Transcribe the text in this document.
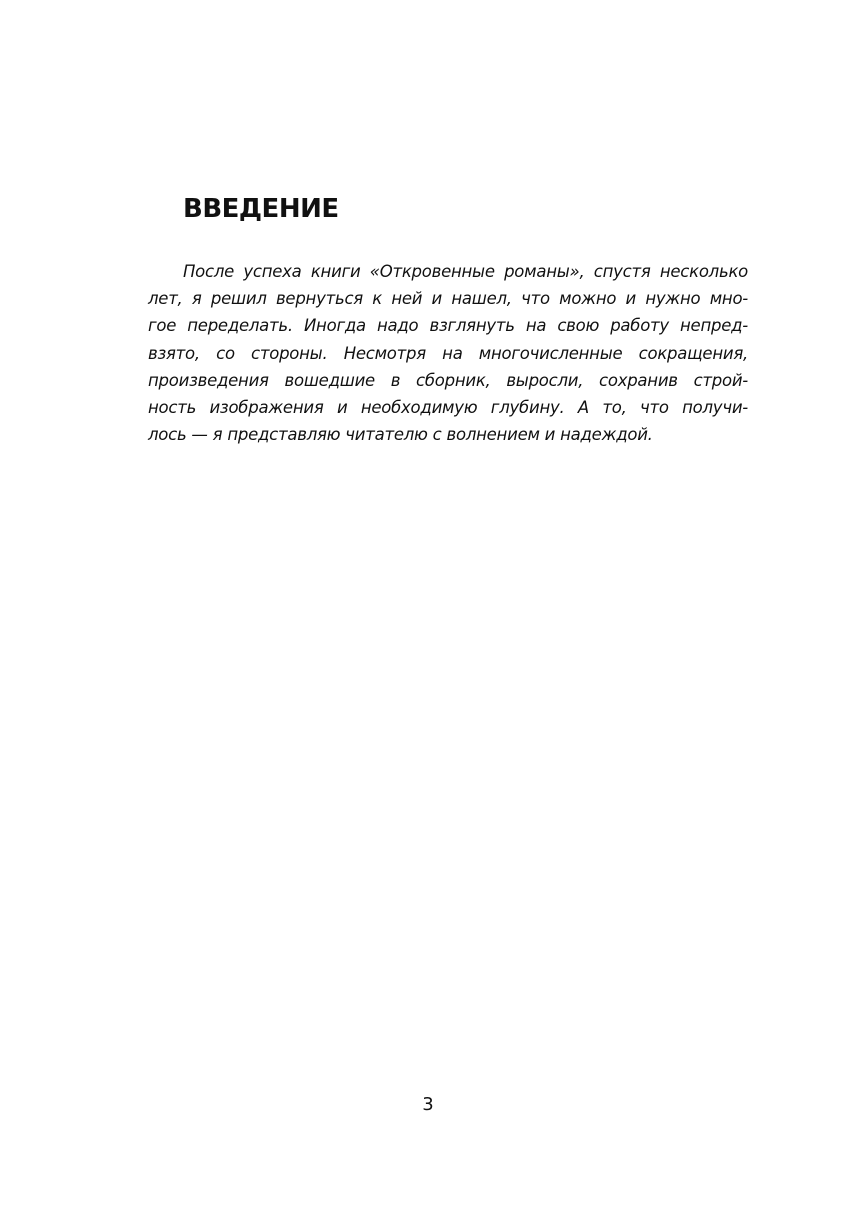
ВВЕДЕНИЕ
После успеха книги «Откровенные романы», спустя несколько
лет, я решил вернуться к ней и нашел, что можно и нужно мно-
гое переделать. Иногда надо взглянуть на свою работу непред-
взято, со стороны. Несмотря на многочисленные сокращения,
произведения вошедшие в сборник, выросли, сохранив строй-
ность изображения и необходимую глубину. А то, что получи-
лось — я представляю читателю с волнением и надеждой.
3
